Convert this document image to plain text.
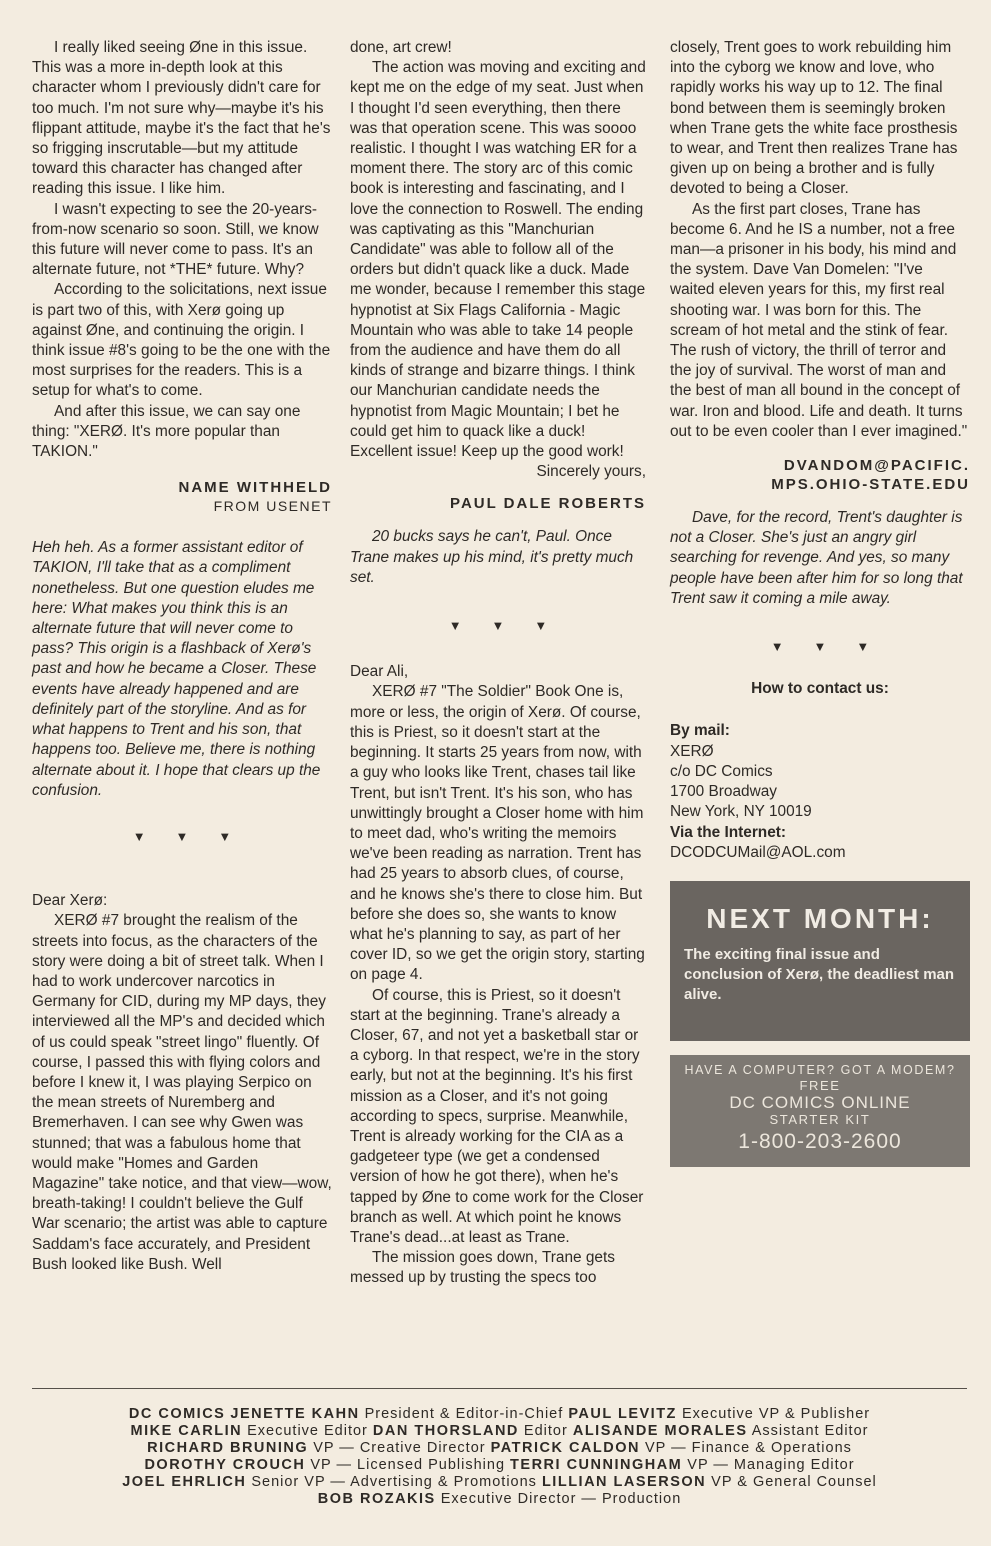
I really liked seeing Øne in this issue. This was a more in-depth look at this character whom I previously didn't care for too much. I'm not sure why—maybe it's his flippant attitude, maybe it's the fact that he's so frigging inscrutable—but my attitude toward this character has changed after reading this issue. I like him.

I wasn't expecting to see the 20-years-from-now scenario so soon. Still, we know this future will never come to pass. It's an alternate future, not *THE* future. Why?

According to the solicitations, next issue is part two of this, with Xerø going up against Øne, and continuing the origin. I think issue #8's going to be the one with the most surprises for the readers. This is a setup for what's to come.

And after this issue, we can say one thing: "XERØ. It's more popular than TAKION."

NAME WITHHELD
FROM USENET

Heh heh. As a former assistant editor of TAKION, I'll take that as a compliment nonetheless. But one question eludes me here: What makes you think this is an alternate future that will never come to pass? This origin is a flashback of Xerø's past and how he became a Closer. These events have already happened and are definitely part of the storyline. And as for what happens to Trent and his son, that happens too. Believe me, there is nothing alternate about it. I hope that clears up the confusion.

▼▼▼

Dear Xerø:

XERØ #7 brought the realism of the streets into focus, as the characters of the story were doing a bit of street talk. When I had to work undercover narcotics in Germany for CID, during my MP days, they interviewed all the MP's and decided which of us could speak "street lingo" fluently. Of course, I passed this with flying colors and before I knew it, I was playing Serpico on the mean streets of Nuremberg and Bremerhaven. I can see why Gwen was stunned; that was a fabulous home that would make "Homes and Garden Magazine" take notice, and that view—wow, breath-taking! I couldn't believe the Gulf War scenario; the artist was able to capture Saddam's face accurately, and President Bush looked like Bush. Well

done, art crew!

The action was moving and exciting and kept me on the edge of my seat. Just when I thought I'd seen everything, then there was that operation scene. This was soooo realistic. I thought I was watching ER for a moment there. The story arc of this comic book is interesting and fascinating, and I love the connection to Roswell. The ending was captivating as this "Manchurian Candidate" was able to follow all of the orders but didn't quack like a duck. Made me wonder, because I remember this stage hypnotist at Six Flags California - Magic Mountain who was able to take 14 people from the audience and have them do all kinds of strange and bizarre things. I think our Manchurian candidate needs the hypnotist from Magic Mountain; I bet he could get him to quack like a duck! Excellent issue! Keep up the good work!

Sincerely yours,

PAUL DALE ROBERTS

20 bucks says he can't, Paul. Once Trane makes up his mind, it's pretty much set.

▼▼▼

Dear Ali,

XERØ #7 "The Soldier" Book One is, more or less, the origin of Xerø. Of course, this is Priest, so it doesn't start at the beginning. It starts 25 years from now, with a guy who looks like Trent, chases tail like Trent, but isn't Trent. It's his son, who has unwittingly brought a Closer home with him to meet dad, who's writing the memoirs we've been reading as narration. Trent has had 25 years to absorb clues, of course, and he knows she's there to close him. But before she does so, she wants to know what he's planning to say, as part of her cover ID, so we get the origin story, starting on page 4.

Of course, this is Priest, so it doesn't start at the beginning. Trane's already a Closer, 67, and not yet a basketball star or a cyborg. In that respect, we're in the story early, but not at the beginning. It's his first mission as a Closer, and it's not going according to specs, surprise. Meanwhile, Trent is already working for the CIA as a gadgeteer type (we get a condensed version of how he got there), when he's tapped by Øne to come work for the Closer branch as well. At which point he knows Trane's dead...at least as Trane.

The mission goes down, Trane gets messed up by trusting the specs too

closely, Trent goes to work rebuilding him into the cyborg we know and love, who rapidly works his way up to 12. The final bond between them is seemingly broken when Trane gets the white face prosthesis to wear, and Trent then realizes Trane has given up on being a brother and is fully devoted to being a Closer.

As the first part closes, Trane has become 6. And he IS a number, not a free man—a prisoner in his body, his mind and the system. Dave Van Domelen: "I've waited eleven years for this, my first real shooting war. I was born for this. The scream of hot metal and the stink of fear. The rush of victory, the thrill of terror and the joy of survival. The worst of man and the best of man all bound in the concept of war. Iron and blood. Life and death. It turns out to be even cooler than I ever imagined."

DVANDOM@PACIFIC.
MPS.OHIO-STATE.EDU

Dave, for the record, Trent's daughter is not a Closer. She's just an angry girl searching for revenge. And yes, so many people have been after him for so long that Trent saw it coming a mile away.

▼▼▼

How to contact us:

By mail:

XERØ

c/o DC Comics

1700 Broadway

New York, NY 10019

Via the Internet:

DCODCUMail@AOL.com

NEXT MONTH:

The exciting final issue and conclusion of Xerø, the deadliest man alive.

HAVE A COMPUTER? GOT A MODEM?
FREE
DC COMICS ONLINE
STARTER KIT
1-800-203-2600
DC COMICS JENETTE KAHN President & Editor-in-Chief PAUL LEVITZ Executive VP & Publisher
MIKE CARLIN Executive Editor DAN THORSLAND Editor ALISANDE MORALES Assistant Editor
RICHARD BRUNING VP — Creative Director PATRICK CALDON VP — Finance & Operations
DOROTHY CROUCH VP — Licensed Publishing TERRI CUNNINGHAM VP — Managing Editor
JOEL EHRLICH Senior VP — Advertising & Promotions LILLIAN LASERSON VP & General Counsel
BOB ROZAKIS Executive Director — Production
